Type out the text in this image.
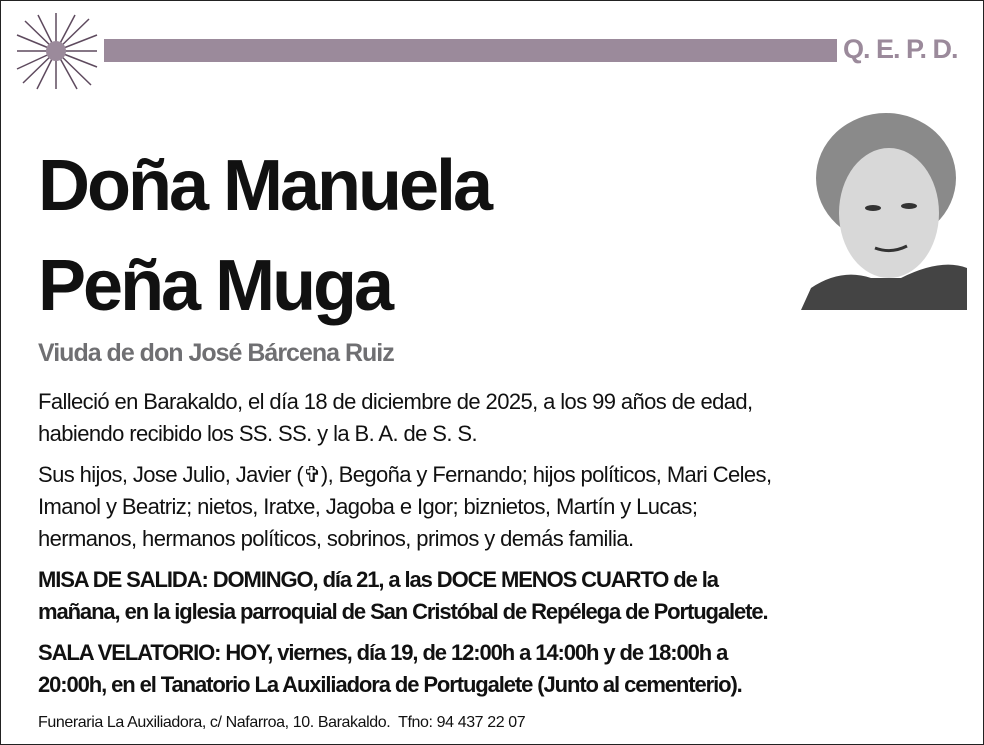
Q. E. P. D.
Doña Manuela
Peña Muga
Viuda de don José Bárcena Ruiz
Falleció en Barakaldo, el día 18 de diciembre de 2025, a los 99 años de edad,
habiendo recibido los SS. SS. y la B. A. de S. S.
Sus hijos, Jose Julio, Javier (✞), Begoña y Fernando; hijos políticos, Mari Celes,
Imanol y Beatriz; nietos, Iratxe, Jagoba e Igor; biznietos, Martín y Lucas;
hermanos, hermanos políticos, sobrinos, primos y demás familia.
MISA DE SALIDA: DOMINGO, día 21, a las DOCE MENOS CUARTO de la
mañana, en la iglesia parroquial de San Cristóbal de Repélega de Portugalete.
SALA VELATORIO: HOY, viernes, día 19, de 12:00h a 14:00h y de 18:00h a
20:00h, en el Tanatorio La Auxiliadora de Portugalete (Junto al cementerio).
Funeraria La Auxiliadora, c/ Nafarroa, 10. Barakaldo.  Tfno: 94 437 22 07
